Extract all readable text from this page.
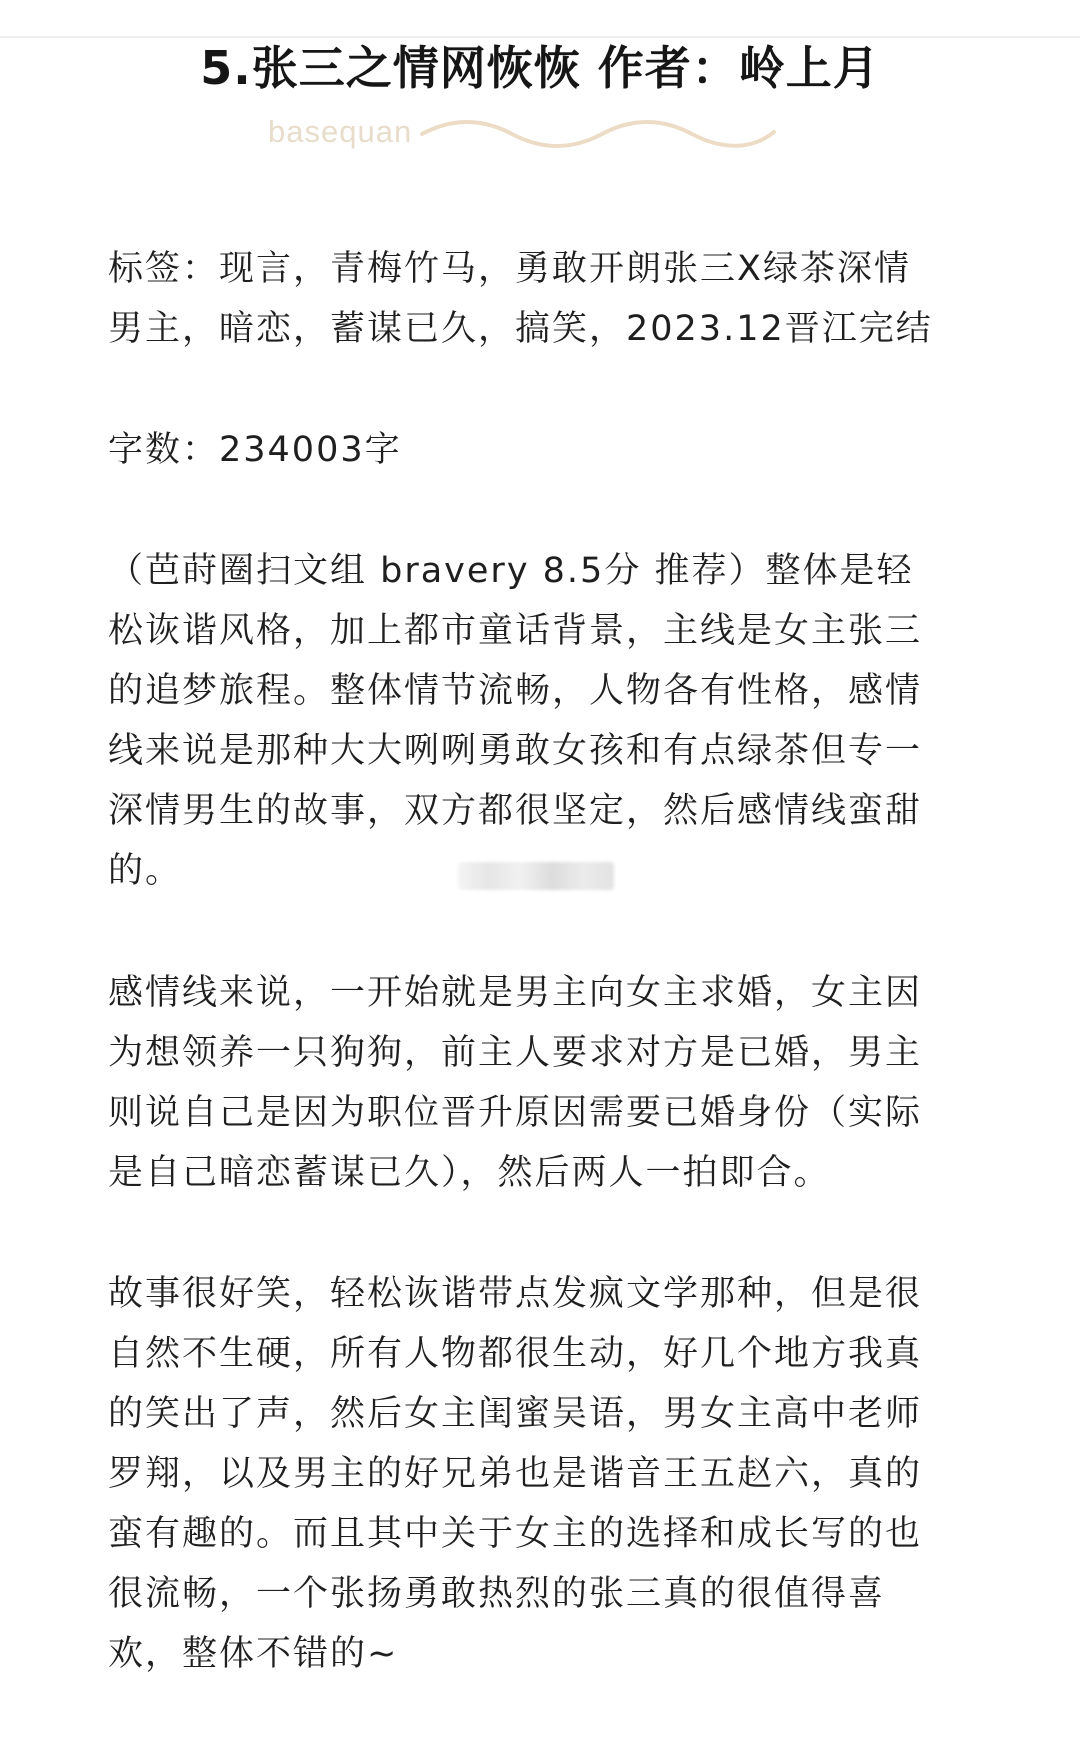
5.张三之情网恢恢 作者：岭上月
basequan
标签：现言，青梅竹马，勇敢开朗张三X绿茶深情
男主，暗恋，蓄谋已久，搞笑，2023.12晋江完结
字数：234003字
（芭莳圈扫文组 bravery 8.5分 推荐）整体是轻
松诙谐风格，加上都市童话背景，主线是女主张三
的追梦旅程。整体情节流畅，人物各有性格，感情
线来说是那种大大咧咧勇敢女孩和有点绿茶但专一
深情男生的故事，双方都很坚定，然后感情线蛮甜
的。
感情线来说，一开始就是男主向女主求婚，女主因
为想领养一只狗狗，前主人要求对方是已婚，男主
则说自己是因为职位晋升原因需要已婚身份（实际
是自己暗恋蓄谋已久），然后两人一拍即合。
故事很好笑，轻松诙谐带点发疯文学那种，但是很
自然不生硬，所有人物都很生动，好几个地方我真
的笑出了声，然后女主闺蜜吴语，男女主高中老师
罗翔，以及男主的好兄弟也是谐音王五赵六，真的
蛮有趣的。而且其中关于女主的选择和成长写的也
很流畅，一个张扬勇敢热烈的张三真的很值得喜
欢，整体不错的~
